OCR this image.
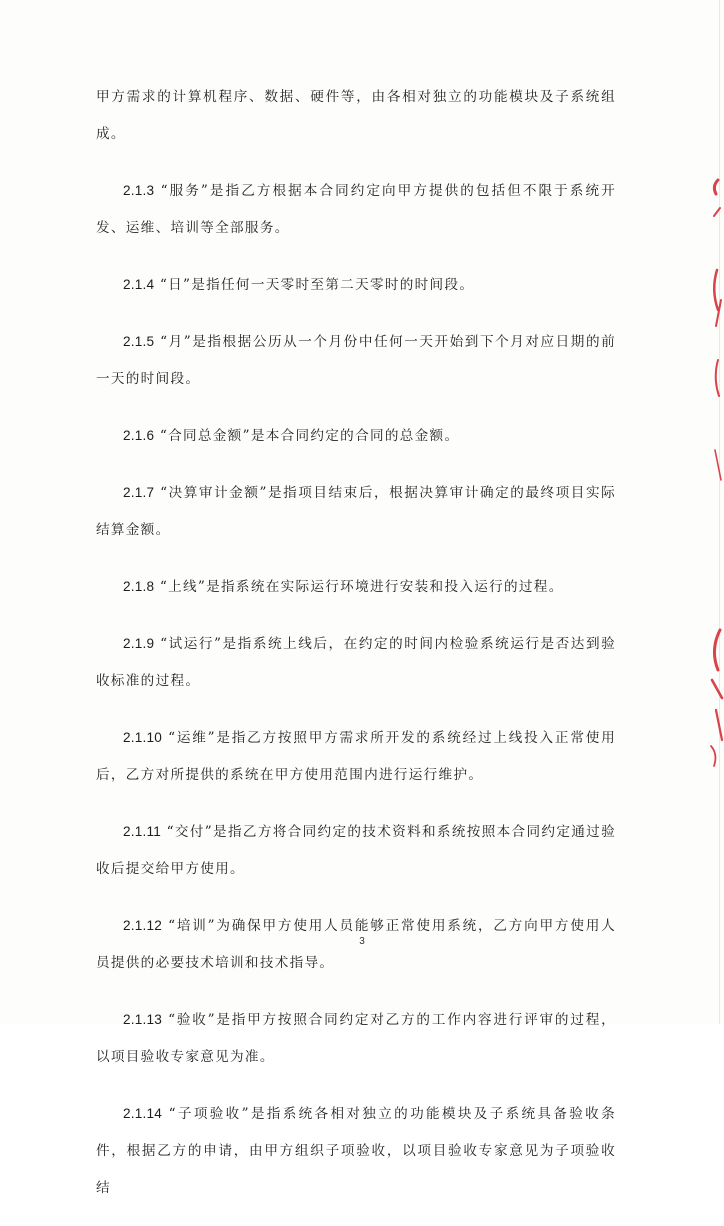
甲方需求的计算机程序、数据、硬件等，由各相对独立的功能模块及子系统组成。

2.1.3 “服务”是指乙方根据本合同约定向甲方提供的包括但不限于系统开发、运维、培训等全部服务。

2.1.4 “日”是指任何一天零时至第二天零时的时间段。

2.1.5 “月”是指根据公历从一个月份中任何一天开始到下个月对应日期的前一天的时间段。

2.1.6 “合同总金额”是本合同约定的合同的总金额。

2.1.7 “决算审计金额”是指项目结束后，根据决算审计确定的最终项目实际结算金额。

2.1.8 “上线”是指系统在实际运行环境进行安装和投入运行的过程。

2.1.9 “试运行”是指系统上线后，在约定的时间内检验系统运行是否达到验收标准的过程。

2.1.10 “运维”是指乙方按照甲方需求所开发的系统经过上线投入正常使用后，乙方对所提供的系统在甲方使用范围内进行运行维护。

2.1.11 “交付”是指乙方将合同约定的技术资料和系统按照本合同约定通过验收后提交给甲方使用。

2.1.12 “培训”为确保甲方使用人员能够正常使用系统，乙方向甲方使用人员提供的必要技术培训和技术指导。

2.1.13 “验收”是指甲方按照合同约定对乙方的工作内容进行评审的过程，以项目验收专家意见为准。

2.1.14 “子项验收”是指系统各相对独立的功能模块及子系统具备验收条件，根据乙方的申请，由甲方组织子项验收，以项目验收专家意见为子项验收结

3
